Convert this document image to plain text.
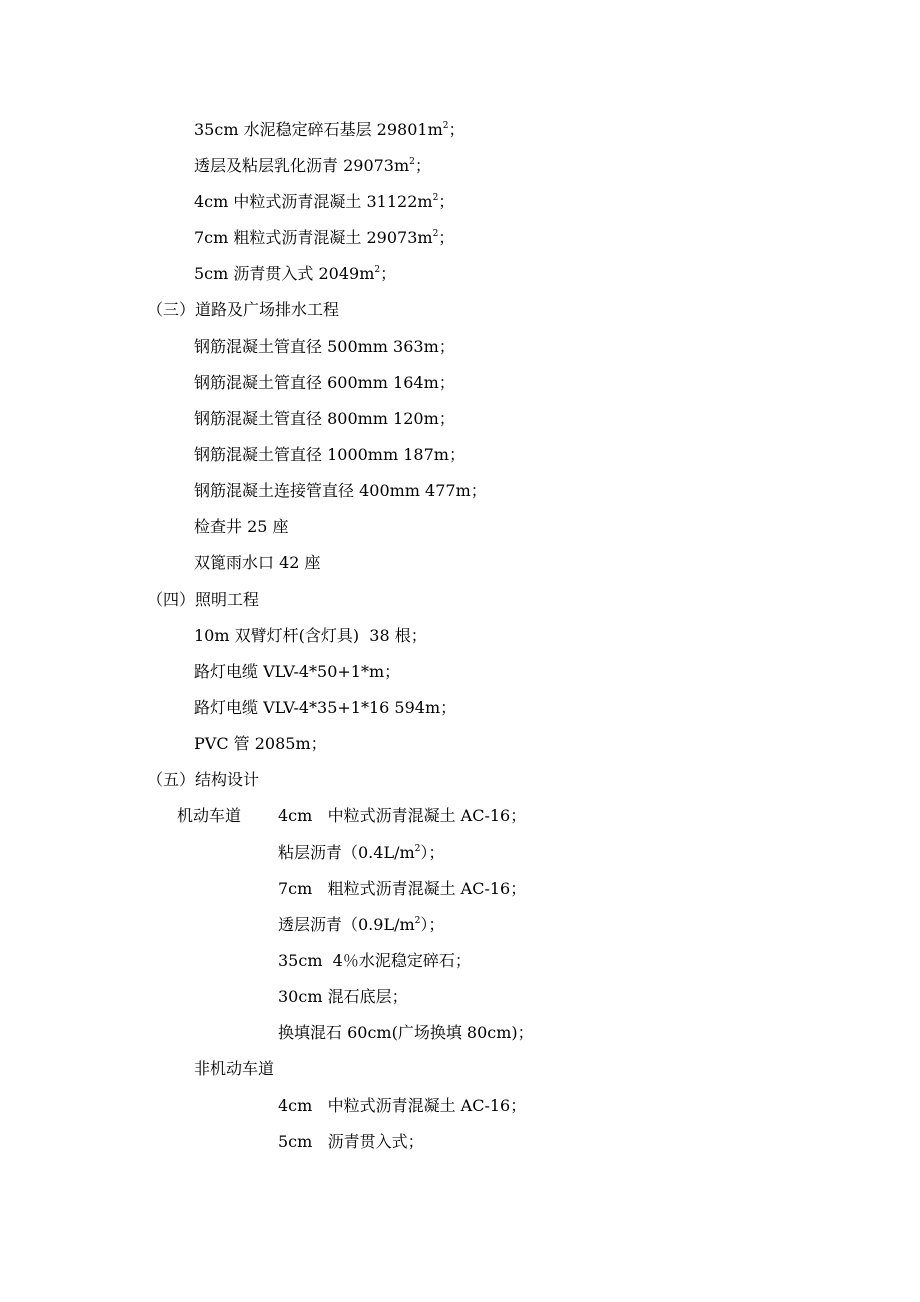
35cm 水泥稳定碎石基层 $29801m^2$；
透层及粘层乳化沥青 $29073m^2$；
4cm 中粒式沥青混凝土 $31122m^2$；
7cm 粗粒式沥青混凝土 $29073m^2$；
5cm 沥青贯入式 $2049m^2$；
（三）道路及广场排水工程
钢筋混凝土管直径 500mm 363m；
钢筋混凝土管直径 600mm 164m；
钢筋混凝土管直径 800mm 120m；
钢筋混凝土管直径 1000mm 187m；
钢筋混凝土连接管直径 400mm 477m；
检查井 25 座
双篦雨水口 42 座
（四）照明工程
10m 双臂灯杆(含灯具)  38 根；
路灯电缆 VLV-4*50+1*m；
路灯电缆 VLV-4*35+1*16 594m；
PVC 管 2085m；
（五）结构设计
机动车道 4cm   中粒式沥青混凝土 AC-16；
粘层沥青$(0.4L/m^2)$；
7cm   粗粒式沥青混凝土 AC-16；
透层沥青$(0.9L/m^2)$；
35cm  4％水泥稳定碎石；
30cm 混石底层；
换填混石 60cm(广场换填 80cm)；
非机动车道
4cm   中粒式沥青混凝土 AC-16；
5cm   沥青贯入式；
